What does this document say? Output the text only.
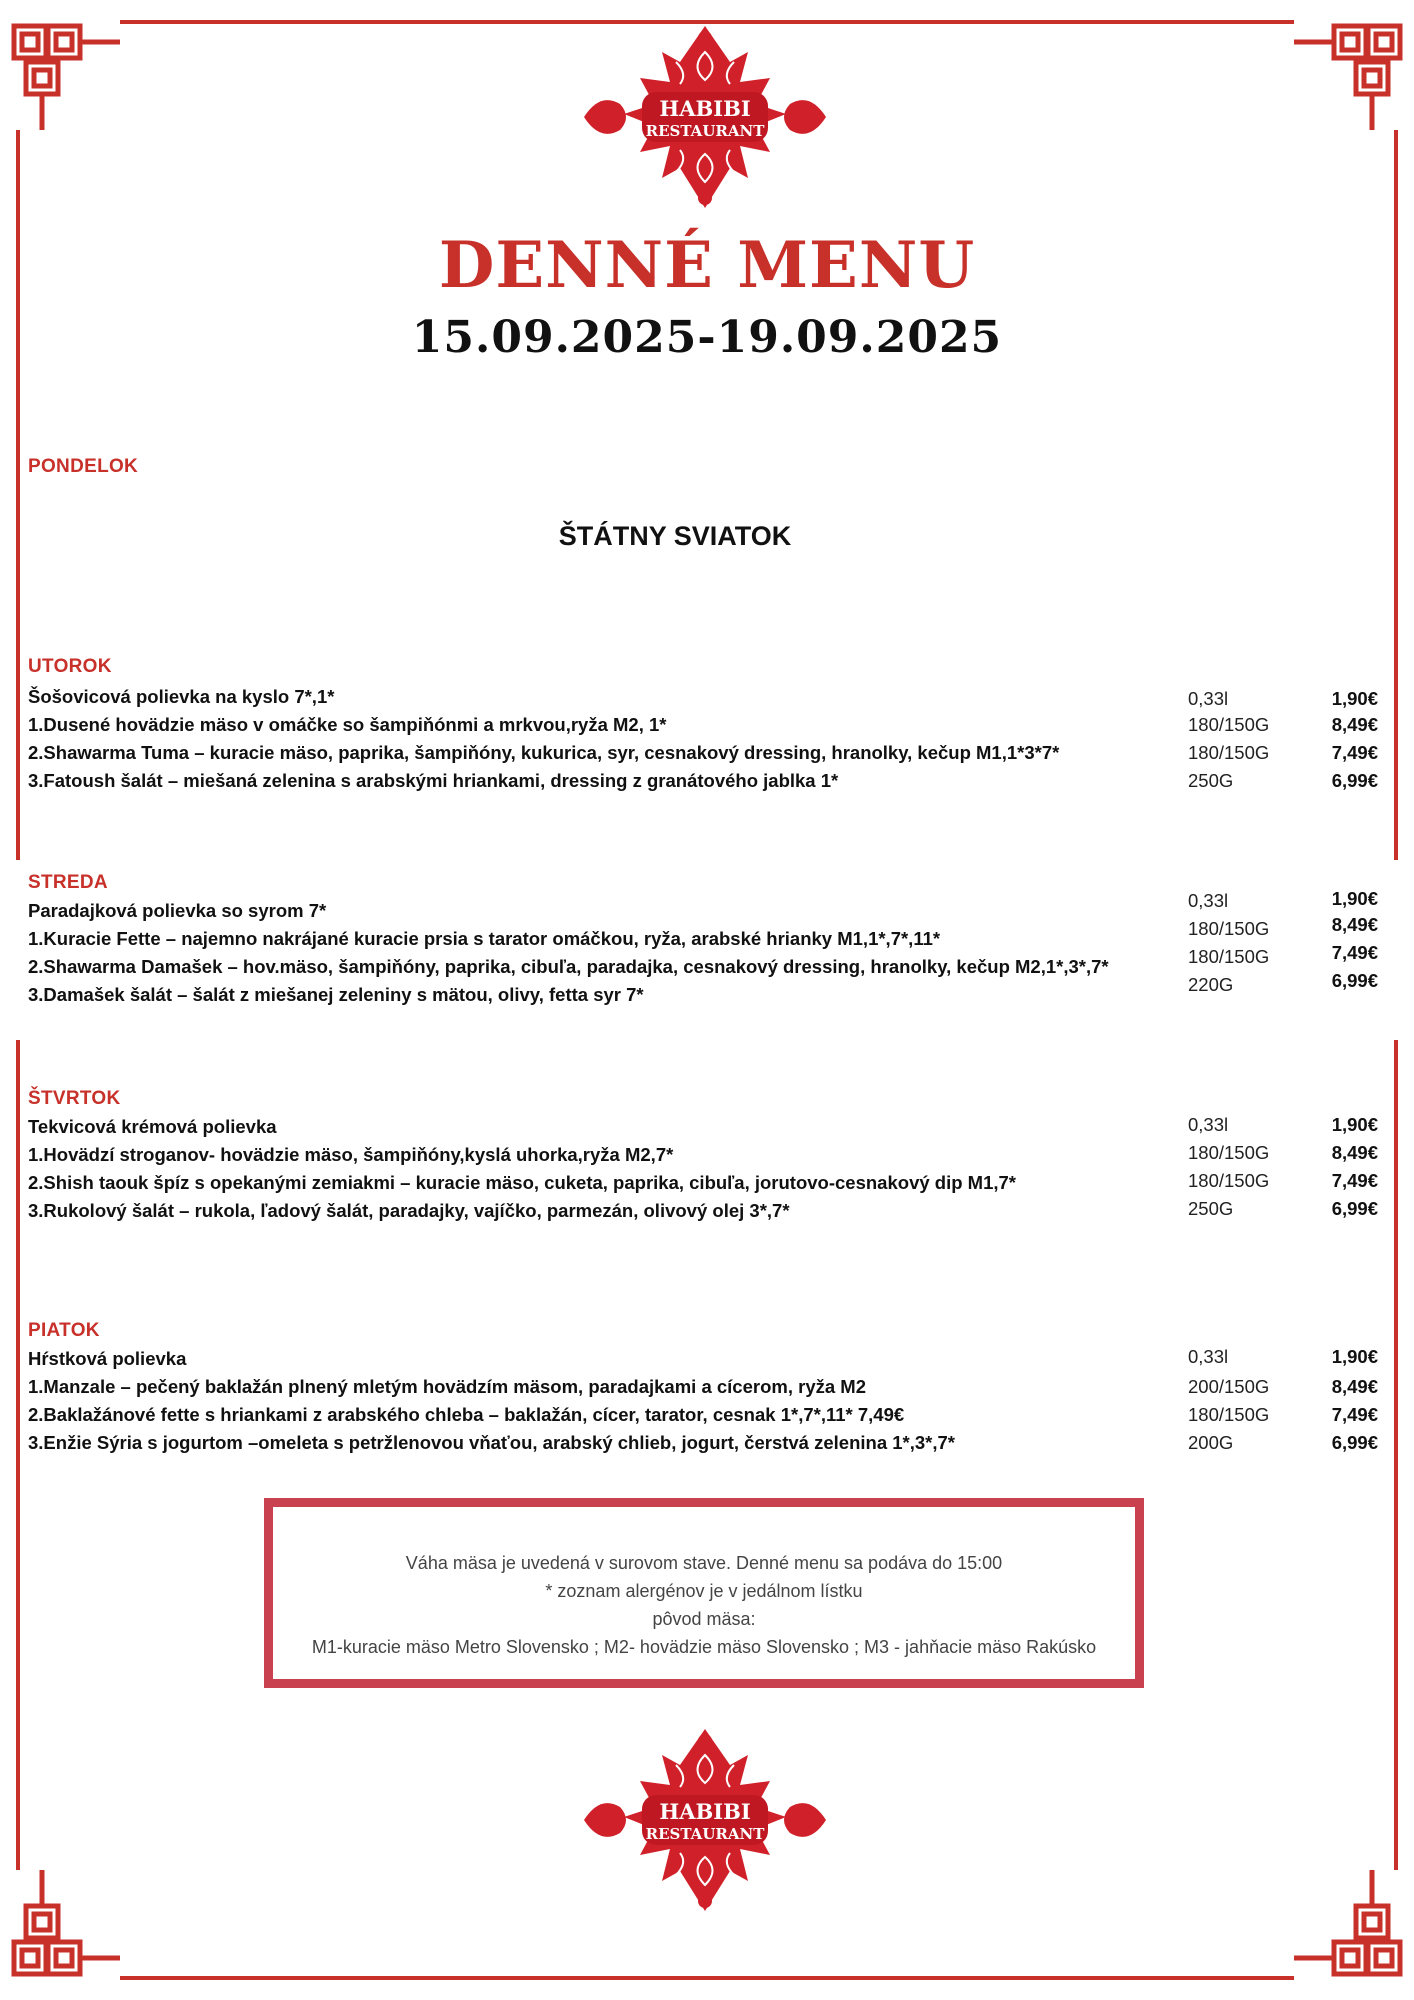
HABIBI
RESTAURANT
DENNÉ MENU
15.09.2025-19.09.2025
PONDELOK
ŠTÁTNY SVIATOK
UTOROK
Šošovicová polievka na kyslo 7*,1*	0,33l	1,90€
1.Dusené hovädzie mäso v omáčke so šampiňónmi a mrkvou,ryža M2, 1*	180/150G	8,49€
2.Shawarma Tuma – kuracie mäso, paprika, šampiňóny, kukurica, syr, cesnakový dressing, hranolky, kečup M1,1*3*7*	180/150G	7,49€
3.Fatoush šalát – miešaná zelenina s arabskými hriankami, dressing z granátového jablka 1*	250G	6,99€
STREDA
Paradajková polievka so syrom 7*	0,33l	1,90€
1.Kuracie Fette – najemno nakrájané kuracie prsia s tarator omáčkou, ryža, arabské hrianky M1,1*,7*,11*	180/150G	8,49€
2.Shawarma Damašek – hov.mäso, šampiňóny, paprika, cibuľa, paradajka, cesnakový dressing, hranolky, kečup M2,1*,3*,7*	180/150G	7,49€
3.Damašek šalát – šalát z miešanej zeleniny s mätou, olivy, fetta syr 7*	220G	6,99€
ŠTVRTOK
Tekvicová krémová polievka	0,33l	1,90€
1.Hovädzí stroganov- hovädzie mäso, šampiňóny,kyslá uhorka,ryža M2,7*	180/150G	8,49€
2.Shish taouk špíz s opekanými zemiakmi – kuracie mäso, cuketa, paprika, cibuľa, jorutovo-cesnakový dip M1,7*	180/150G	7,49€
3.Rukolový šalát – rukola, ľadový šalát, paradajky, vajíčko, parmezán, olivový olej 3*,7*	250G	6,99€
PIATOK
Hŕstková polievka	0,33l	1,90€
1.Manzale – pečený baklažán plnený mletým hovädzím mäsom, paradajkami a cícerom, ryža M2	200/150G	8,49€
2.Baklažánové fette s hriankami z arabského chleba – baklažán, cícer, tarator, cesnak 1*,7*,11* 7,49€	180/150G	7,49€
3.Enžie Sýria s jogurtom –omeleta s petržlenovou vňaťou, arabský chlieb, jogurt, čerstvá zelenina 1*,3*,7*	200G	6,99€
Váha mäsa je uvedená v surovom stave. Denné menu sa podáva do 15:00
* zoznam alergénov je v jedálnom lístku
pôvod mäsa:
M1-kuracie mäso Metro Slovensko ; M2- hovädzie mäso Slovensko ; M3 - jahňacie mäso Rakúsko
HABIBI
RESTAURANT
